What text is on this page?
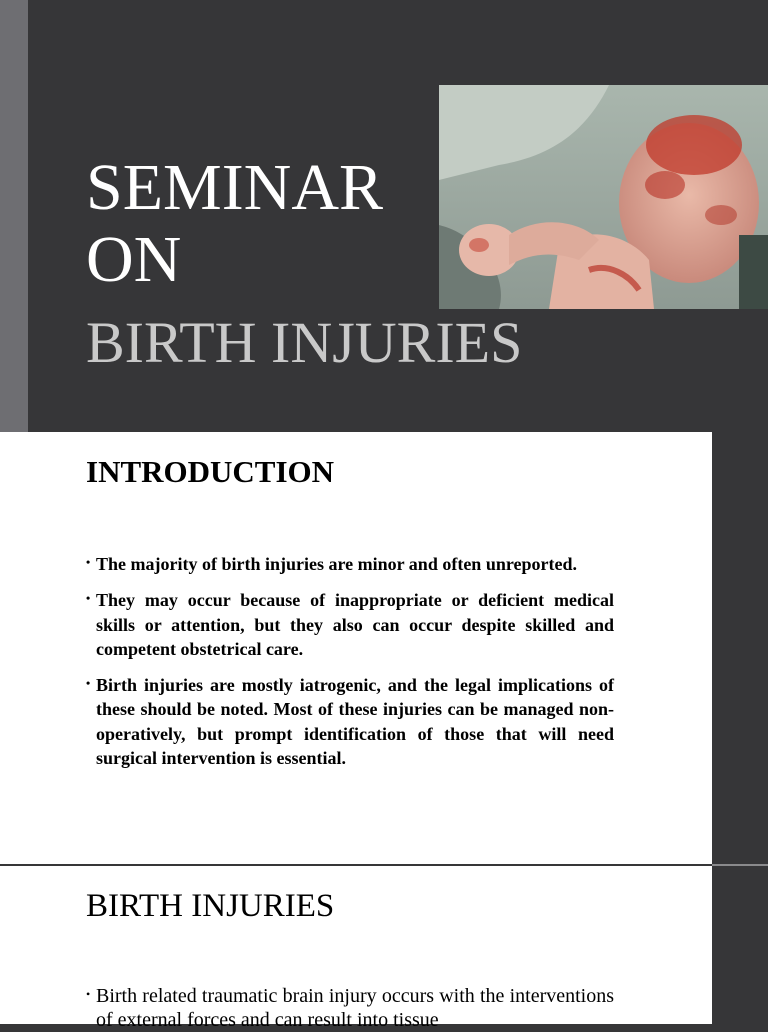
SEMINAR
ON
BIRTH INJURIES
INTRODUCTION
• The majority of birth injuries are minor and often unreported.
• They may occur because of inappropriate or deficient medical skills or attention, but they also can occur despite skilled and competent obstetrical care.
• Birth injuries are mostly iatrogenic, and the legal implications of these should be noted. Most of these injuries can be managed non-operatively, but prompt identification of those that will need surgical intervention is essential.
BIRTH INJURIES
• Birth related traumatic brain injury occurs with the interventions of external forces and can result into tissue
